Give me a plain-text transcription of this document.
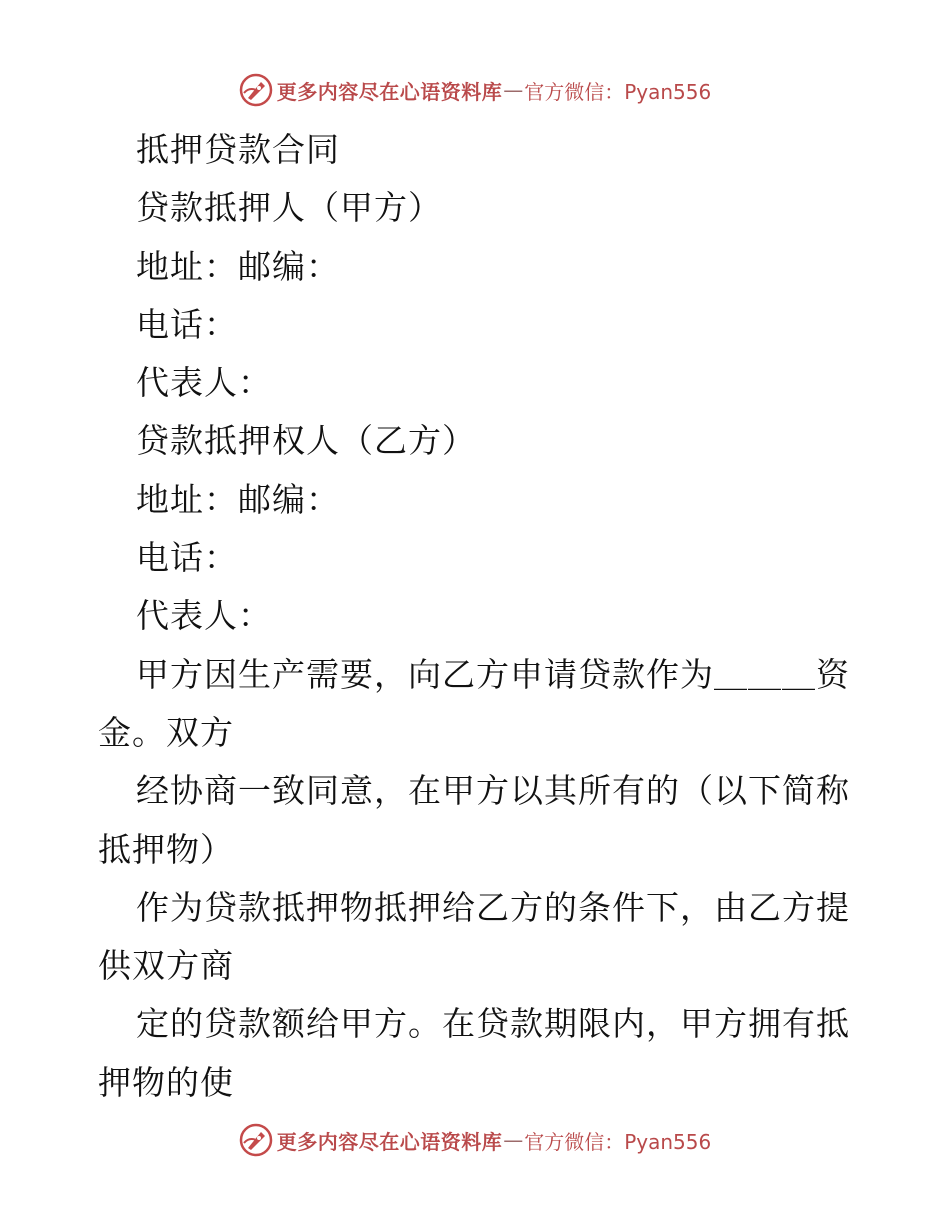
更多内容尽在心语资料库 — 官方微信：Pyan556
抵押贷款合同
贷款抵押人（甲方）
地址：邮编：
电话：
代表人：
贷款抵押权人（乙方）
地址：邮编：
电话：
代表人：
甲方因生产需要，向乙方申请贷款作为＿＿＿资
金。双方
经协商一致同意，在甲方以其所有的（以下简称
抵押物）
作为贷款抵押物抵押给乙方的条件下，由乙方提
供双方商
定的贷款额给甲方。在贷款期限内，甲方拥有抵
押物的使
更多内容尽在心语资料库 — 官方微信：Pyan556
